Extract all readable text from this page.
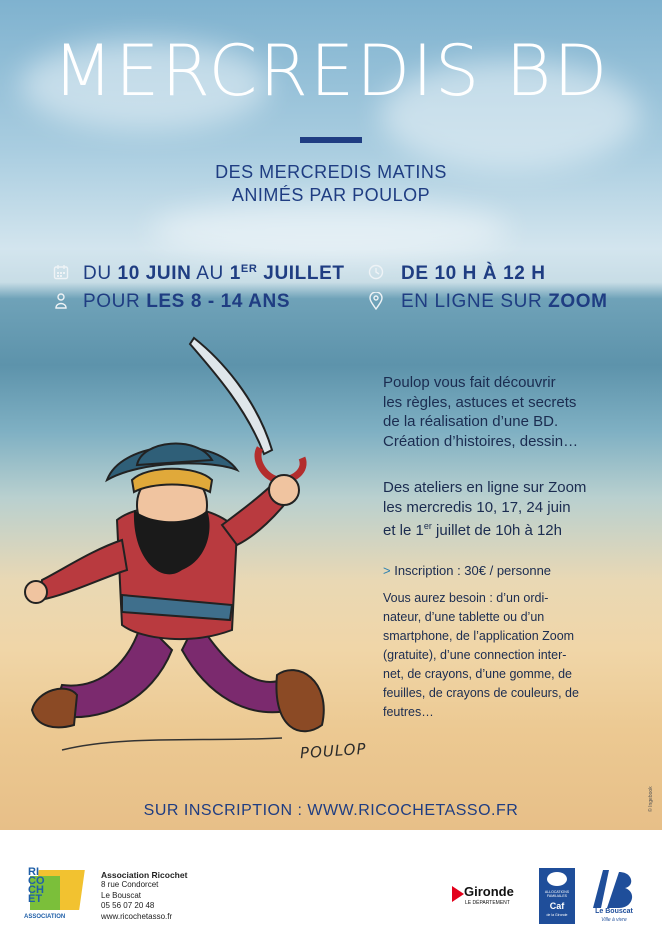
MERCREDIS BD
DES MERCREDIS MATINS
ANIMÉS PAR POULOP
DU 10 JUIN AU 1ER JUILLET
POUR LES 8 - 14 ANS
DE 10 H À 12 H
EN LIGNE SUR ZOOM
POULOP
Poulop vous fait découvrir
les règles, astuces et secrets
de la réalisation d’une BD.
Création d’histoires, dessin…
Des ateliers en ligne sur Zoom
les mercredis 10, 17, 24 juin
et le 1er juillet de 10h à 12h
> Inscription : 30€ / personne
Vous aurez besoin : d’un ordi-
nateur, d’une tablette ou d’un
smartphone, de l’application Zoom
(gratuite), d’une connection inter-
net, de crayons, d’une gomme, de
feuilles, de crayons de couleurs, de
feutres…
SUR INSCRIPTION : WWW.RICOCHETASSO.FR	© Ingebook
RI
CO
CH
ET
ASSOCIATION
Association Ricochet
8 rue Condorcet
Le Bouscat
05 56 07 20 48
www.ricochetasso.fr
Gironde
LE DÉPARTEMENT
ALLOCATIONS
FAMILIALES
Caf
de la Gironde	Le Bouscat
Ville à vivre
